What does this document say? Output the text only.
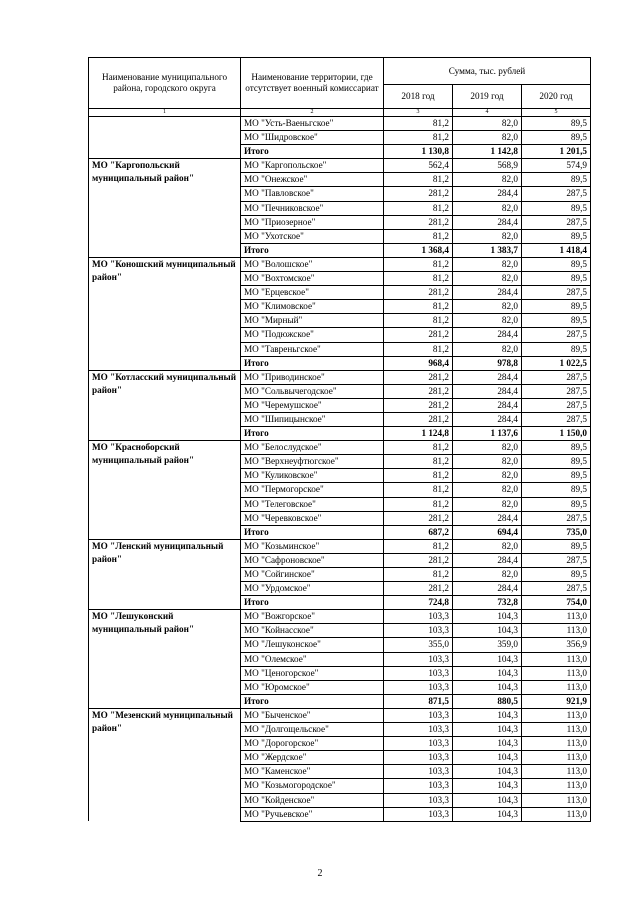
Наименование муниципального района, городского округа	Наименование территории, где отсутствует военный комиссариат	Сумма, тыс. рублей		
		2018 год	2019 год	2020 год
1	2	3	4	5
	МО "Усть-Ваеньгское"	81,2	82,0	89,5
	МО "Шидровское"	81,2	82,0	89,5
	Итого	1 130,8	1 142,8	1 201,5

МО "Каргопольский муниципальный район"	МО "Каргопольское"	562,4	568,9	574,9
	МО "Онежское"	81,2	82,0	89,5
	МО "Павловское"	281,2	284,4	287,5
	МО "Печниковское"	81,2	82,0	89,5
	МО "Приозерное"	281,2	284,4	287,5
	МО "Ухотское"	81,2	82,0	89,5
	Итого	1 368,4	1 383,7	1 418,4

МО "Коношский муниципальный район"	МО "Волошское"	81,2	82,0	89,5
	МО "Вохтомское"	81,2	82,0	89,5
	МО "Ерцевское"	281,2	284,4	287,5
	МО "Климовское"	81,2	82,0	89,5
	МО "Мирный"	81,2	82,0	89,5
	МО "Подюжское"	281,2	284,4	287,5
	МО "Тавреньгское"	81,2	82,0	89,5
	Итого	968,4	978,8	1 022,5

МО "Котласский муниципальный район"	МО "Приводинское"	281,2	284,4	287,5
	МО "Сольвычегодское"	281,2	284,4	287,5
	МО "Черемушское"	281,2	284,4	287,5
	МО "Шипицынское"	281,2	284,4	287,5
	Итого	1 124,8	1 137,6	1 150,0

МО "Красноборский муниципальный район"	МО "Белослудское"	81,2	82,0	89,5
	МО "Верхнеуфтюгское"	81,2	82,0	89,5
	МО "Куликовское"	81,2	82,0	89,5
	МО "Пермогорское"	81,2	82,0	89,5
	МО "Телеговское"	81,2	82,0	89,5
	МО "Черевковское"	281,2	284,4	287,5
	Итого	687,2	694,4	735,0

МО "Ленский муниципальный район"	МО "Козьминское"	81,2	82,0	89,5
	МО "Сафроновское"	281,2	284,4	287,5
	МО "Сойгинское"	81,2	82,0	89,5
	МО "Урдомское"	281,2	284,4	287,5
	Итого	724,8	732,8	754,0

МО "Лешуконский муниципальный район"	МО "Вожгорское"	103,3	104,3	113,0
	МО "Койнасское"	103,3	104,3	113,0
	МО "Лешуконское"	355,0	359,0	356,9
	МО "Олемское"	103,3	104,3	113,0
	МО "Ценогорское"	103,3	104,3	113,0
	МО "Юромское"	103,3	104,3	113,0
	Итого	871,5	880,5	921,9

МО "Мезенский муниципальный район"	МО "Быченское"	103,3	104,3	113,0
	МО "Долгощельское"	103,3	104,3	113,0
	МО "Дорогорское"	103,3	104,3	113,0
	МО "Жердское"	103,3	104,3	113,0
	МО "Каменское"	103,3	104,3	113,0
	МО "Козьмогородское"	103,3	104,3	113,0
	МО "Койденское"	103,3	104,3	113,0
	МО "Ручьевское"	103,3	104,3	113,0
2
